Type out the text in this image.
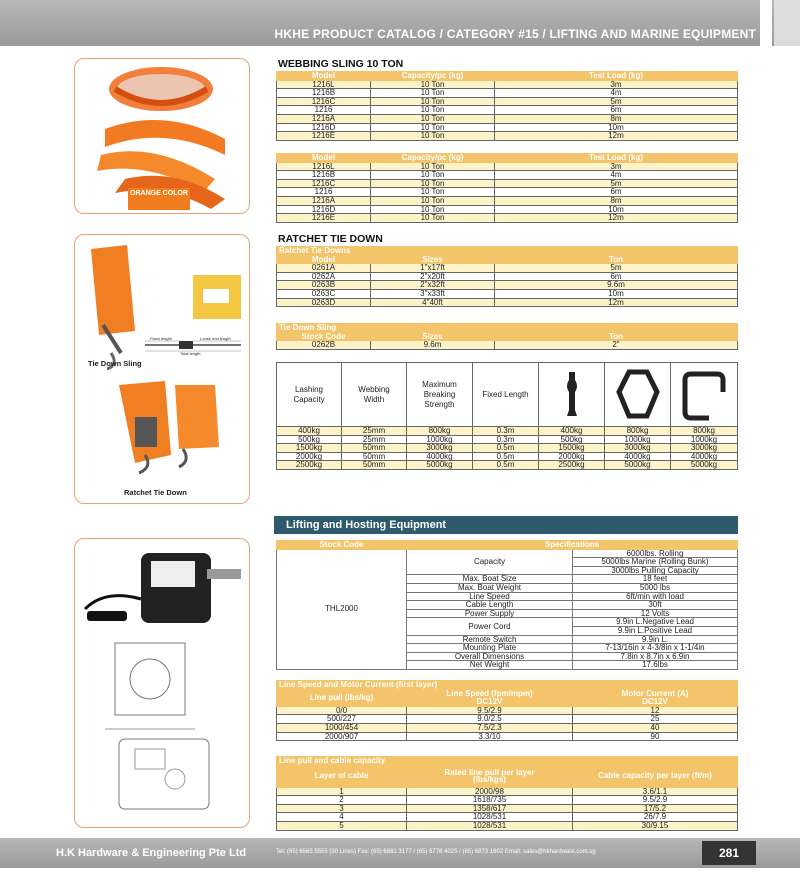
HKHE PRODUCT CATALOG / CATEGORY #15 / LIFTING AND MARINE EQUIPMENT
ORANGE COLOR
Fixed length	Loose end length
Total length
Tie Down Sling
Ratchet Tie Down
WEBBING SLING 10 TON
Model	Capacity/pc (kg)	Test Load (kg)
1216L	10 Ton	3m
1216B	10 Ton	4m
1216C	10 Ton	5m
1216	10 Ton	6m
1216A	10 Ton	8m
1216D	10 Ton	10m
1216E	10 Ton	12m
Model	Capacity/pc (kg)	Test Load (kg)
1216L	10 Ton	3m
1216B	10 Ton	4m
1216C	10 Ton	5m
1216	10 Ton	6m
1216A	10 Ton	8m
1216D	10 Ton	10m
1216E	10 Ton	12m
RATCHET TIE DOWN
Ratchet Tie Downs		
Model	Sizes	Ton
0261A	1"x17ft	5m
0262A	2"x20ft	6m
0263B	2"x32ft	9.6m
0263C	3"x33ft	10m
0263D	4"40ft	12m
Tie Down Sling		
Stock Code	Sizes	Ton
0262B	9.6m	2"
Lashing Capacity	Webbing Width	Maximum Breaking Strength	Fixed Length			
400kg	25mm	800kg	0.3m	400kg	800kg	800kg
500kg	25mm	1000kg	0.3m	500kg	1000kg	1000kg
1500kg	50mm	3000kg	0.5m	1500kg	3000kg	3000kg
2000kg	50mm	4000kg	0.5m	2000kg	4000kg	4000kg
2500kg	50mm	5000kg	0.5m	2500kg	5000kg	5000kg
Lifting and Hosting Equipment
Stock Code	Specifications	
THL2000	Capacity	6000lbs. Rolling
		5000lbs Marine (Rolling Bunk)
		3000lbs Pulling Capacity
	Max. Boat Size	18 feet
	Max. Boat Weight	5000 lbs
	Line Speed	6ft/min with load
	Cable Length	30ft
	Power Supply	12 Volts
	Power Cord	9.9in L.Negative Lead
		9.9in L.Positive Lead
	Remote Switch	9.9in L.
	Mounting Plate	7-13/16in x 4-3/8in x 1-1/4in
	Overall Dimensions	7.8in x 8.7in x 6.9in
	Net Weight	17.6lbs
Line Speed and Motor Current (first layer)		
Line pull (lbs/kg)	Line Speed (fpm/mpm)	Motor Current (A)
	DC12V	DC12V
0/0	9.5/2.9	12
500/227	9.0/2.5	25
1000/454	7.5/2.3	40
2000/907	3.3/10	90
Line pull and cable capacity		
Layer of cable	Rated line pull per layer (lbs/kgs)	Cable capacity per layer (ft/m)
1	2000/98	3.6/1.1
2	1618/735	9.5/2.9
3	1358/617	17/5.2
4	1028/531	26/7.9
5	1028/531	30/9.15
H.K Hardware & Engineering Pte Ltd	Tel: (65) 6565 5555 (30 Lines) Fax: (65) 6861 3177 / (65) 6778 4025 / (65) 6873 1602 Email: sales@hkhardware.com.sg	281
